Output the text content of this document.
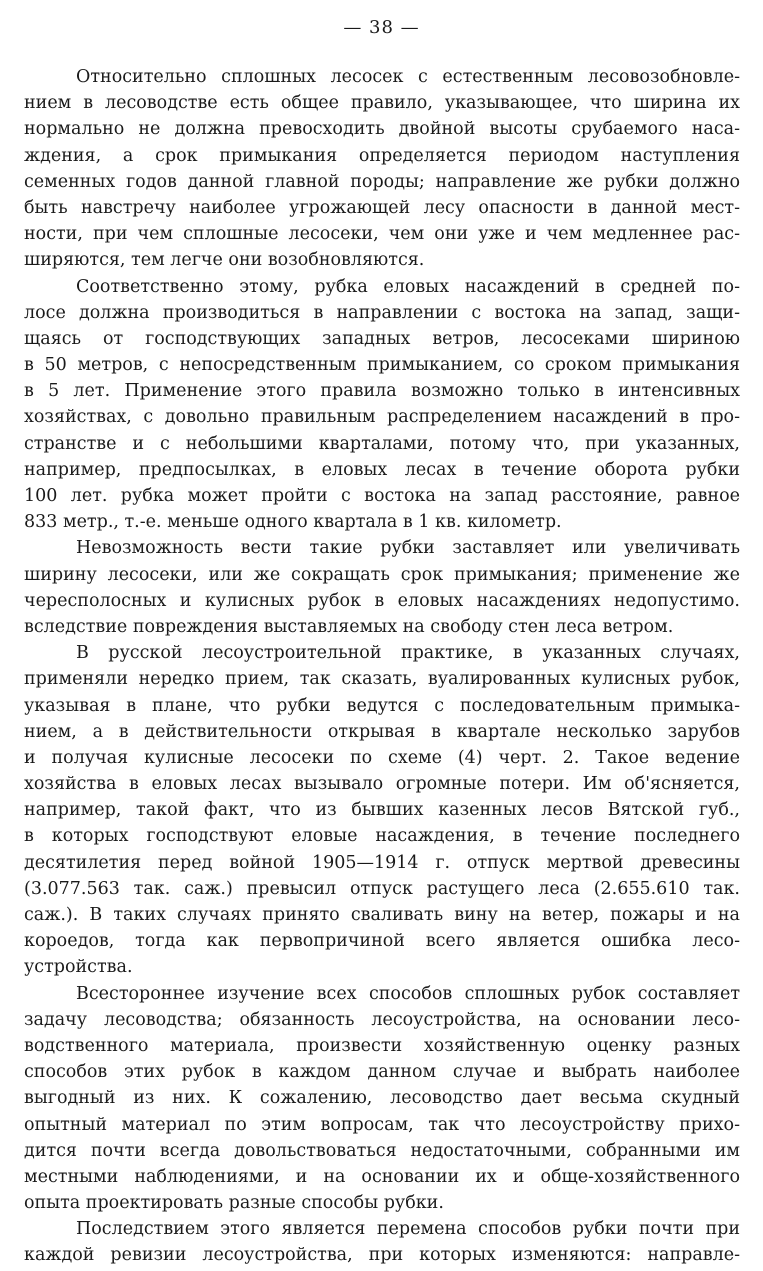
— 38 —
Относительно сплошных лесосек с естественным лесовозобновле-
нием в лесоводстве есть общее правило, указывающее, что ширина их
нормально не должна превосходить двойной высоты срубаемого наса-
ждения, а срок примыкания определяется периодом наступления
семенных годов данной главной породы; направление же рубки должно
быть навстречу наиболее угрожающей лесу опасности в данной мест-
ности, при чем сплошные лесосеки, чем они уже и чем медленнее рас-
ширяются, тем легче они возобновляются.
Соответственно этому, рубка еловых насаждений в средней по-
лосе должна производиться в направлении с востока на запад, защи-
щаясь от господствующих западных ветров, лесосеками шириною
в 50 метров, с непосредственным примыканием, со сроком примыкания
в 5 лет. Применение этого правила возможно только в интенсивных
хозяйствах, с довольно правильным распределением насаждений в про-
странстве и с небольшими кварталами, потому что, при указанных,
например, предпосылках, в еловых лесах в течение оборота рубки
100 лет. рубка может пройти с востока на запад расстояние, равное
833 метр., т.-е. меньше одного квартала в 1 кв. километр.
Невозможность вести такие рубки заставляет или увеличивать
ширину лесосеки, или же сокращать срок примыкания; применение же
чересполосных и кулисных рубок в еловых насаждениях недопустимо.
вследствие повреждения выставляемых на свободу стен леса ветром.
В русской лесоустроительной практике, в указанных случаях,
применяли нередко прием, так сказать, вуалированных кулисных рубок,
указывая в плане, что рубки ведутся с последовательным примыка-
нием, а в действительности открывая в квартале несколько зарубов
и получая кулисные лесосеки по схеме (4) черт. 2. Такое ведение
хозяйства в еловых лесах вызывало огромные потери. Им об'ясняется,
например, такой факт, что из бывших казенных лесов Вятской губ.,
в которых господствуют еловые насаждения, в течение последнего
десятилетия перед войной 1905—1914 г. отпуск мертвой древесины
(3.077.563 так. саж.) превысил отпуск растущего леса (2.655.610 так.
саж.). В таких случаях принято сваливать вину на ветер, пожары и на
короедов, тогда как первопричиной всего является ошибка лесо-
устройства.
Всестороннее изучение всех способов сплошных рубок составляет
задачу лесоводства; обязанность лесоустройства, на основании лесо-
водственного материала, произвести хозяйственную оценку разных
способов этих рубок в каждом данном случае и выбрать наиболее
выгодный из них. К сожалению, лесоводство дает весьма скудный
опытный материал по этим вопросам, так что лесоустройству прихо-
дится почти всегда довольствоваться недостаточными, собранными им
местными наблюдениями, и на основании их и обще-хозяйственного
опыта проектировать разные способы рубки.
Последствием этого является перемена способов рубки почти при
каждой ревизии лесоустройства, при которых изменяются: направле-
